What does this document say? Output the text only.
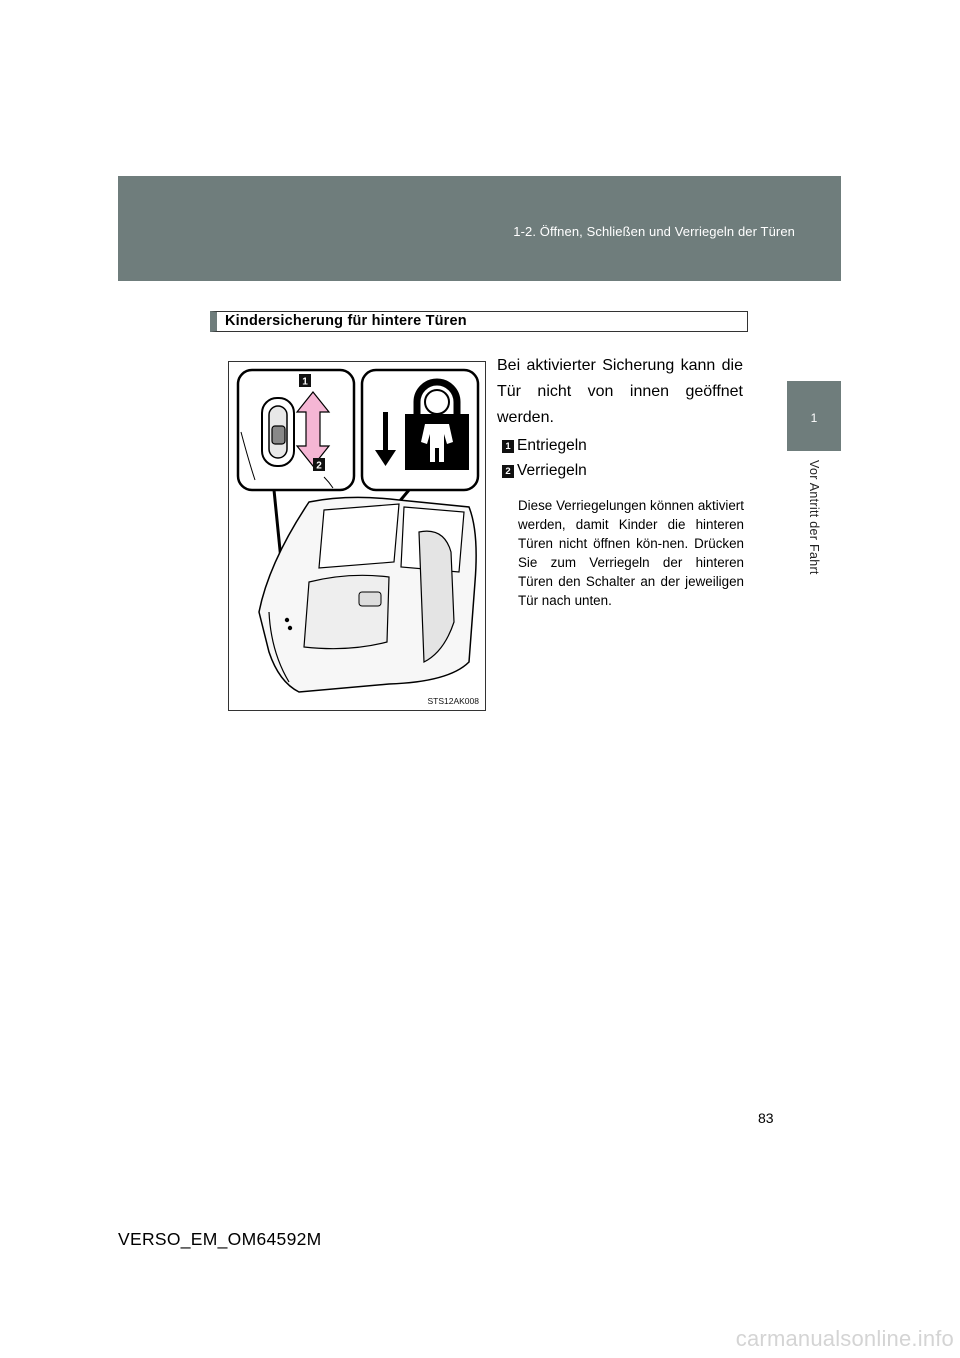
1-2. Öffnen, Schließen und Verriegeln der Türen
1
Vor Antritt der Fahrt
Kindersicherung für hintere Türen
1
2
STS12AK008
Bei aktivierter Sicherung kann die Tür nicht von innen geöffnet werden.
1 Entriegeln
2 Verriegeln
Diese Verriegelungen können aktiviert werden, damit Kinder die hinteren Türen nicht öffnen kön-nen. Drücken Sie zum Verriegeln der hinteren Türen den Schalter an der jeweiligen Tür nach unten.
83
VERSO_EM_OM64592M
carmanualsonline.info
